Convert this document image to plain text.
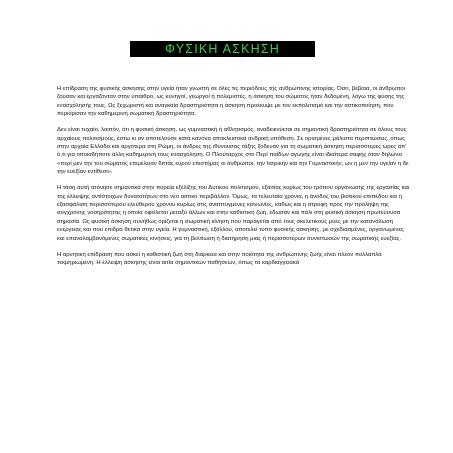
ΦΥΣΙΚΗ ΑΣΚΗΣΗ

Η επίδραση της φυσικής άσκησης στην υγεία ήταν γνωστή σε όλες τις περιόδους της ανθρώπινης ιστορίας. Όσο, βέβαια, οι άνθρωποι ζούσαν και εργάζονταν στην ύπαιθρο, ως κυνηγοί, γεωργοί ή πολεμιστές, η άσκηση του σώματος ήταν δεδομένη, λόγω της φύσης της ενασχόλησής τους. Ως ξεχωριστή και αναγκαία δραστηριότητα η άσκηση προέκυψε με τον εκπολιτισμό και την αστικοποίηση, που περιόρισαν την καθημερινή σωματική δραστηριότητα.

Δεν είναι τυχαίο, λοιπόν, ότι η φυσική άσκηση, ως γυμναστική ή αθλητισμός, αναδεικνύεται σε σημαντική δραστηριότητα σε όλους τους αρχαίους πολιτισμούς, έστω κι αν αποτελούσε κατά κανόνα αποκλειστικά ανδρική υπόθεση. Σε ορισμένες μάλιστα περιπτώσεις, όπως στην αρχαία Ελλάδα και αργότερα στη Ρώμη, οι άνδρες της ιθύνουσας τάξης ξόδευαν για τη σωματική άσκηση περισσότερες ώρες απ' ό,τι για οποιαδήποτε άλλη καθημερινή τους ενασχόληση. Ο Πλούταρχος στο Περί παίδων αγωγής είναι ιδιαίτερα σαφής όταν δηλώνει «περί μεν την του σώματος επιμέλειαν διττάς εύρον επιστήμας οι άνθρωποι, την Ιατρικήν και την Γυμναστικήν, ων η μεν την υγείαν η δε την ευεξίαν εντίθεσι».

Η τάση αυτή ατόνησε σημαντικά στην πορεία εξέλιξης του Δυτικού πολιτισμού, εξαιτίας κυρίως του τρόπου οργάνωσης της εργασίας και της έλλειψης αντίστοιχων δυνατοτήτων στο νέο αστικό περιβάλλον. Όμως, τα τελευταία χρόνια, η άνοδος του βιοτικού επιπέδου και η εξασφάλιση περισσότερου ελεύθερου χρόνου κυρίως στις αναπτυγμένες κοινωνίες, καθώς και η στροφή προς την πρόληψη της σύγχρονης νοσηρότητας η οποία οφείλεται μεταξύ άλλων και στην καθιστική ζωή, έδωσαν και πάλι στη φυσική άσκηση πρωτεύουσα σημασία. Ως φυσική άσκηση συνήθως ορίζεται η σωματική κίνηση που παράγεται από τους σκελετικούς μύες με την κατανάλωση ενέργειας και που επιδρά θετικά στην υγεία. Η γυμναστική, εξάλλου, αποτελεί τύπο φυσικής άσκησης, με σχεδιασμένες, οργανωμένες και επαναλαμβανόμενες σωματικές κινήσεις, για τη βελτίωση ή διατήρηση μιας ή περισσοτέρων συνιστωσών της σωματικής ευεξίας.

Η αρνητική επίδραση που ασκεί η καθιστική ζωή στη διάρκεια και στην ποιότητα της ανθρώπινης ζωής είναι πλέον πολλαπλά τεκμηριωμένη. Η έλλειψη άσκησης είναι αιτία σημαντικών παθήσεων, όπως τα καρδιαγγειακά
